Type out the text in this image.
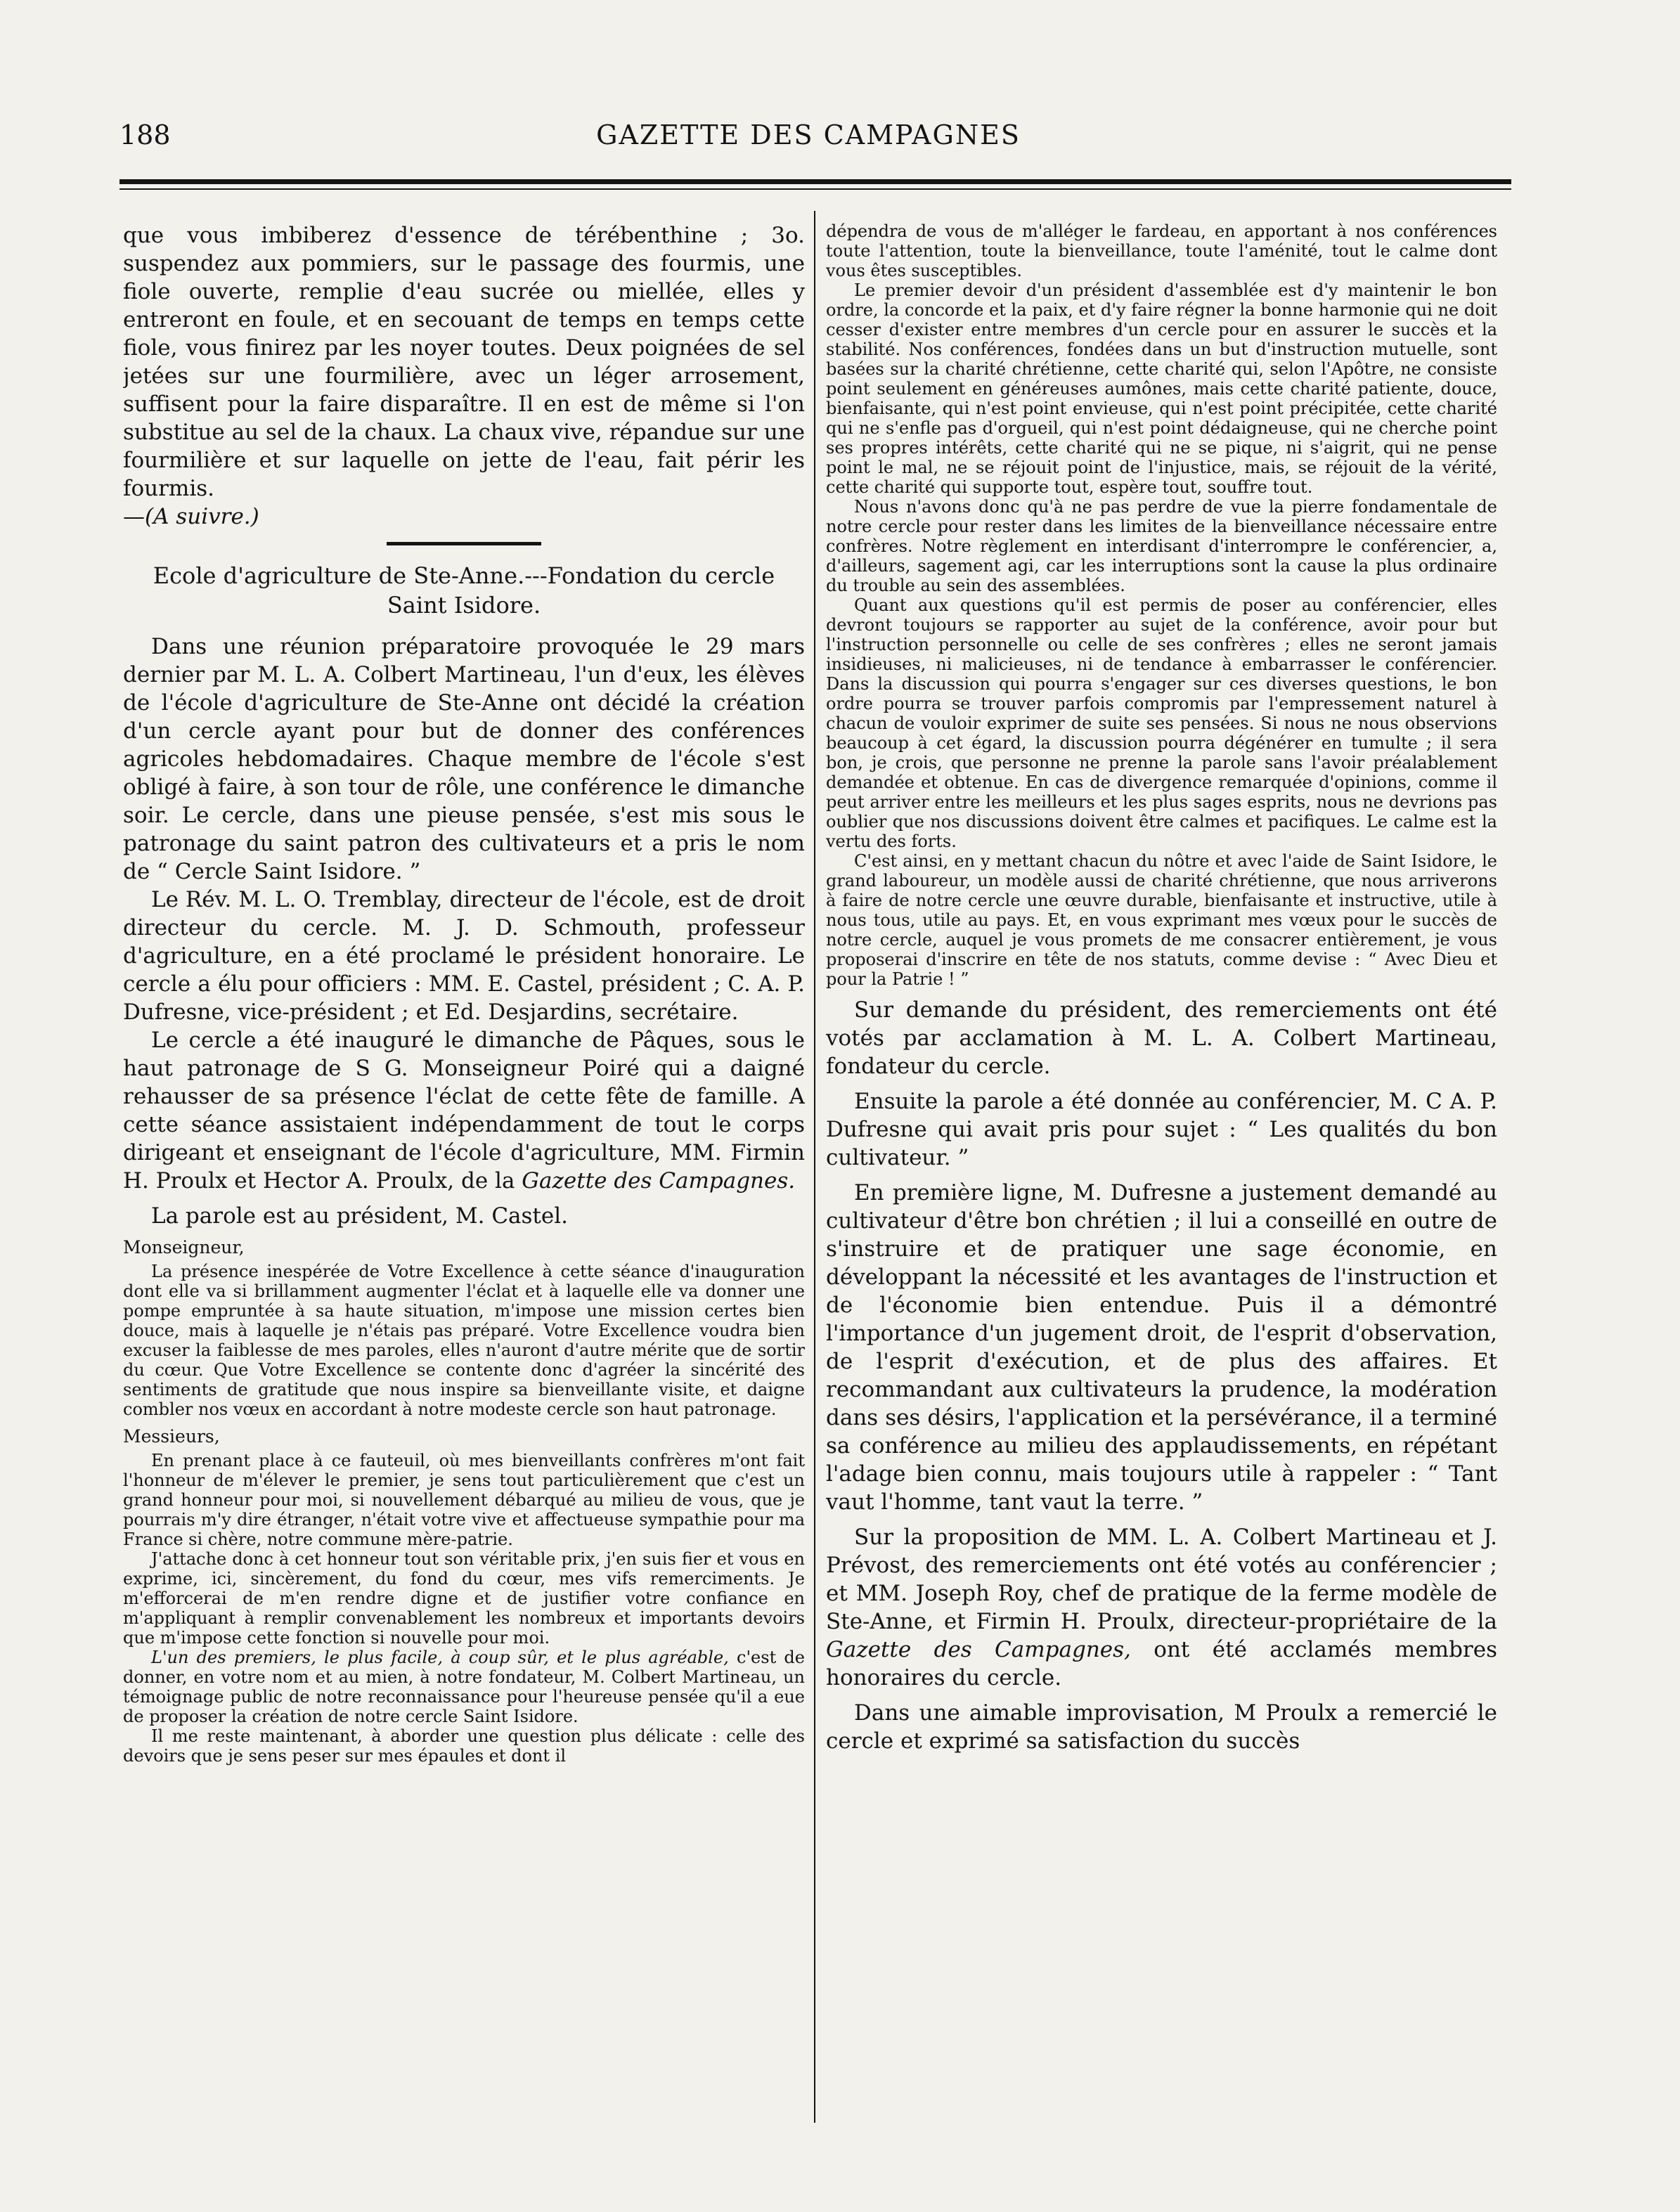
188	GAZETTE DES CAMPAGNES

que vous imbiberez d'essence de térébenthine ; 3o. suspendez aux pommiers, sur le passage des fourmis, une fiole ouverte, remplie d'eau sucrée ou miellée, elles y entreront en foule, et en secouant de temps en temps cette fiole, vous finirez par les noyer toutes. Deux poignées de sel jetées sur une fourmilière, avec un léger arrosement, suffisent pour la faire disparaître. Il en est de même si l'on substitue au sel de la chaux. La chaux vive, répandue sur une fourmilière et sur laquelle on jette de l'eau, fait périr les fourmis.

—(A suivre.)

Ecole d'agriculture de Ste-Anne.---Fondation du cercle Saint Isidore.

Dans une réunion préparatoire provoquée le 29 mars dernier par M. L. A. Colbert Martineau, l'un d'eux, les élèves de l'école d'agriculture de Ste-Anne ont décidé la création d'un cercle ayant pour but de donner des conférences agricoles hebdomadaires. Chaque membre de l'école s'est obligé à faire, à son tour de rôle, une conférence le dimanche soir. Le cercle, dans une pieuse pensée, s'est mis sous le patronage du saint patron des cultivateurs et a pris le nom de “ Cercle Saint Isidore. ”

Le Rév. M. L. O. Tremblay, directeur de l'école, est de droit directeur du cercle. M. J. D. Schmouth, professeur d'agriculture, en a été proclamé le président honoraire. Le cercle a élu pour officiers : MM. E. Castel, président ; C. A. P. Dufresne, vice-président ; et Ed. Desjardins, secrétaire.

Le cercle a été inauguré le dimanche de Pâques, sous le haut patronage de S G. Monseigneur Poiré qui a daigné rehausser de sa présence l'éclat de cette fête de famille. A cette séance assistaient indépendamment de tout le corps dirigeant et enseignant de l'école d'agriculture, MM. Firmin H. Proulx et Hector A. Proulx, de la Gazette des Campagnes.

La parole est au président, M. Castel.

Monseigneur,

La présence inespérée de Votre Excellence à cette séance d'inauguration dont elle va si brillamment augmenter l'éclat et à laquelle elle va donner une pompe empruntée à sa haute situation, m'impose une mission certes bien douce, mais à laquelle je n'étais pas préparé. Votre Excellence voudra bien excuser la faiblesse de mes paroles, elles n'auront d'autre mérite que de sortir du cœur. Que Votre Excellence se contente donc d'agréer la sincérité des sentiments de gratitude que nous inspire sa bienveillante visite, et daigne combler nos vœux en accordant à notre modeste cercle son haut patronage.

Messieurs,

En prenant place à ce fauteuil, où mes bienveillants confrères m'ont fait l'honneur de m'élever le premier, je sens tout particulièrement que c'est un grand honneur pour moi, si nouvellement débarqué au milieu de vous, que je pourrais m'y dire étranger, n'était votre vive et affectueuse sympathie pour ma France si chère, notre commune mère-patrie.

J'attache donc à cet honneur tout son véritable prix, j'en suis fier et vous en exprime, ici, sincèrement, du fond du cœur, mes vifs remerciments. Je m'efforcerai de m'en rendre digne et de justifier votre confiance en m'appliquant à remplir convenablement les nombreux et importants devoirs que m'impose cette fonction si nouvelle pour moi.

L'un des premiers, le plus facile, à coup sûr, et le plus agréable, c'est de donner, en votre nom et au mien, à notre fondateur, M. Colbert Martineau, un témoignage public de notre reconnaissance pour l'heureuse pensée qu'il a eue de proposer la création de notre cercle Saint Isidore.

Il me reste maintenant, à aborder une question plus délicate : celle des devoirs que je sens peser sur mes épaules et dont il

dépendra de vous de m'alléger le fardeau, en apportant à nos conférences toute l'attention, toute la bienveillance, toute l'aménité, tout le calme dont vous êtes susceptibles.

Le premier devoir d'un président d'assemblée est d'y maintenir le bon ordre, la concorde et la paix, et d'y faire régner la bonne harmonie qui ne doit cesser d'exister entre membres d'un cercle pour en assurer le succès et la stabilité. Nos conférences, fondées dans un but d'instruction mutuelle, sont basées sur la charité chrétienne, cette charité qui, selon l'Apôtre, ne consiste point seulement en généreuses aumônes, mais cette charité patiente, douce, bienfaisante, qui n'est point envieuse, qui n'est point précipitée, cette charité qui ne s'enfle pas d'orgueil, qui n'est point dédaigneuse, qui ne cherche point ses propres intérêts, cette charité qui ne se pique, ni s'aigrit, qui ne pense point le mal, ne se réjouit point de l'injustice, mais, se réjouit de la vérité, cette charité qui supporte tout, espère tout, souffre tout.

Nous n'avons donc qu'à ne pas perdre de vue la pierre fondamentale de notre cercle pour rester dans les limites de la bienveillance nécessaire entre confrères. Notre règlement en interdisant d'interrompre le conférencier, a, d'ailleurs, sagement agi, car les interruptions sont la cause la plus ordinaire du trouble au sein des assemblées.

Quant aux questions qu'il est permis de poser au conférencier, elles devront toujours se rapporter au sujet de la conférence, avoir pour but l'instruction personnelle ou celle de ses confrères ; elles ne seront jamais insidieuses, ni malicieuses, ni de tendance à embarrasser le conférencier. Dans la discussion qui pourra s'engager sur ces diverses questions, le bon ordre pourra se trouver parfois compromis par l'empressement naturel à chacun de vouloir exprimer de suite ses pensées. Si nous ne nous observions beaucoup à cet égard, la discussion pourra dégénérer en tumulte ; il sera bon, je crois, que personne ne prenne la parole sans l'avoir préalablement demandée et obtenue. En cas de divergence remarquée d'opinions, comme il peut arriver entre les meilleurs et les plus sages esprits, nous ne devrions pas oublier que nos discussions doivent être calmes et pacifiques. Le calme est la vertu des forts.

C'est ainsi, en y mettant chacun du nôtre et avec l'aide de Saint Isidore, le grand laboureur, un modèle aussi de charité chrétienne, que nous arriverons à faire de notre cercle une œuvre durable, bienfaisante et instructive, utile à nous tous, utile au pays. Et, en vous exprimant mes vœux pour le succès de notre cercle, auquel je vous promets de me consacrer entièrement, je vous proposerai d'inscrire en tête de nos statuts, comme devise : “ Avec Dieu et pour la Patrie ! ”

Sur demande du président, des remerciements ont été votés par acclamation à M. L. A. Colbert Martineau, fondateur du cercle.

Ensuite la parole a été donnée au conférencier, M. C A. P. Dufresne qui avait pris pour sujet : “ Les qualités du bon cultivateur. ”

En première ligne, M. Dufresne a justement demandé au cultivateur d'être bon chrétien ; il lui a conseillé en outre de s'instruire et de pratiquer une sage économie, en développant la nécessité et les avantages de l'instruction et de l'économie bien entendue. Puis il a démontré l'importance d'un jugement droit, de l'esprit d'observation, de l'esprit d'exécution, et de plus des affaires. Et recommandant aux cultivateurs la prudence, la modération dans ses désirs, l'application et la persévérance, il a terminé sa conférence au milieu des applaudissements, en répétant l'adage bien connu, mais toujours utile à rappeler : “ Tant vaut l'homme, tant vaut la terre. ”

Sur la proposition de MM. L. A. Colbert Martineau et J. Prévost, des remerciements ont été votés au conférencier ; et MM. Joseph Roy, chef de pratique de la ferme modèle de Ste-Anne, et Firmin H. Proulx, directeur-propriétaire de la Gazette des Campagnes, ont été acclamés membres honoraires du cercle.

Dans une aimable improvisation, M Proulx a remercié le cercle et exprimé sa satisfaction du succès
